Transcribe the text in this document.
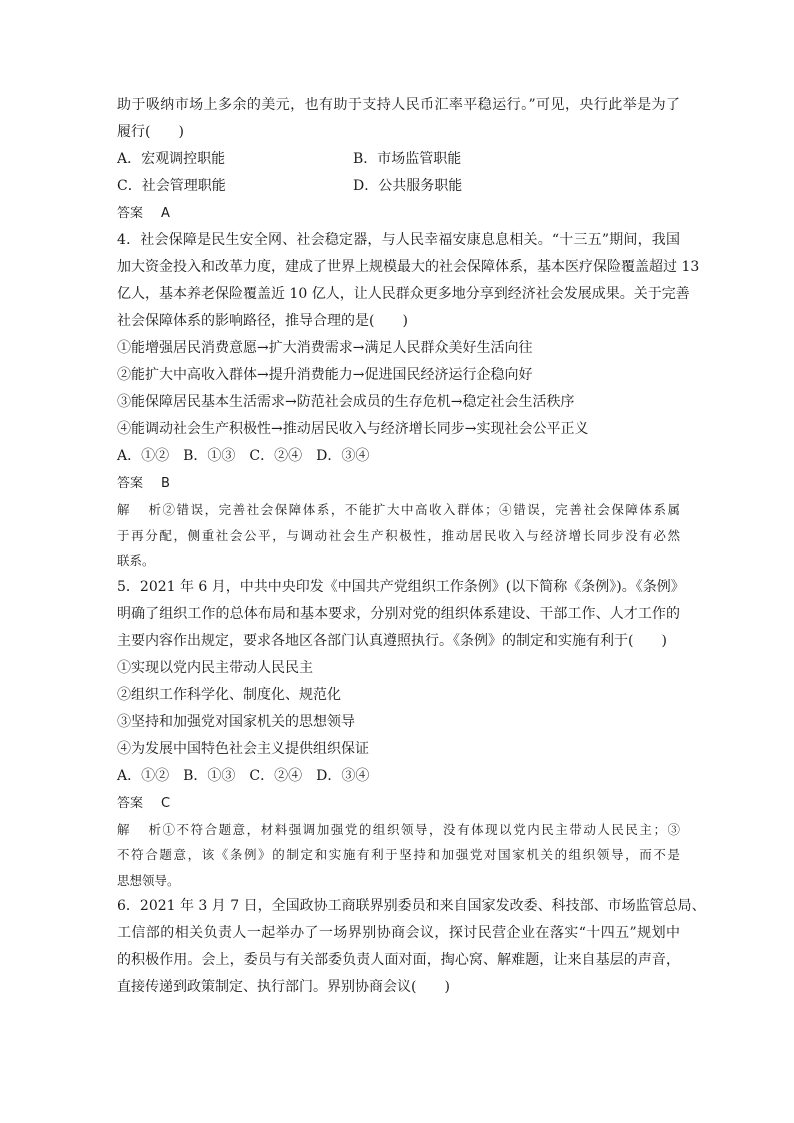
助于吸纳市场上多余的美元，也有助于支持人民币汇率平稳运行。”可见，央行此举是为了
履行(　　)
A．宏观调控职能	B．市场监管职能
C．社会管理职能	D．公共服务职能
答案 A
4．社会保障是民生安全网、社会稳定器，与人民幸福安康息息相关。“十三五”期间，我国
加大资金投入和改革力度，建成了世界上规模最大的社会保障体系，基本医疗保险覆盖超过 13
亿人，基本养老保险覆盖近 10 亿人，让人民群众更多地分享到经济社会发展成果。关于完善
社会保障体系的影响路径，推导合理的是(　　)
①能增强居民消费意愿→扩大消费需求→满足人民群众美好生活向往
②能扩大中高收入群体→提升消费能力→促进国民经济运行企稳向好
③能保障居民基本生活需求→防范社会成员的生存危机→稳定社会生活秩序
④能调动社会生产积极性→推动居民收入与经济增长同步→实现社会公平正义
A．①②　B．①③　C．②④　D．③④
答案 B
解析②错误，完善社会保障体系，不能扩大中高收入群体；④错误，完善社会保障体系属
于再分配，侧重社会公平，与调动社会生产积极性，推动居民收入与经济增长同步没有必然
联系。
5．2021 年 6 月，中共中央印发《中国共产党组织工作条例》(以下简称《条例》)。《条例》
明确了组织工作的总体布局和基本要求，分别对党的组织体系建设、干部工作、人才工作的
主要内容作出规定，要求各地区各部门认真遵照执行。《条例》的制定和实施有利于(　　)
①实现以党内民主带动人民民主
②组织工作科学化、制度化、规范化
③坚持和加强党对国家机关的思想领导
④为发展中国特色社会主义提供组织保证
A．①②　B．①③　C．②④　D．③④
答案 C
解析①不符合题意，材料强调加强党的组织领导，没有体现以党内民主带动人民民主；③
不符合题意，该《条例》的制定和实施有利于坚持和加强党对国家机关的组织领导，而不是
思想领导。
6．2021 年 3 月 7 日，全国政协工商联界别委员和来自国家发改委、科技部、市场监管总局、
工信部的相关负责人一起举办了一场界别协商会议，探讨民营企业在落实“十四五”规划中
的积极作用。会上，委员与有关部委负责人面对面，掏心窝、解难题，让来自基层的声音，
直接传递到政策制定、执行部门。界别协商会议(　　)
